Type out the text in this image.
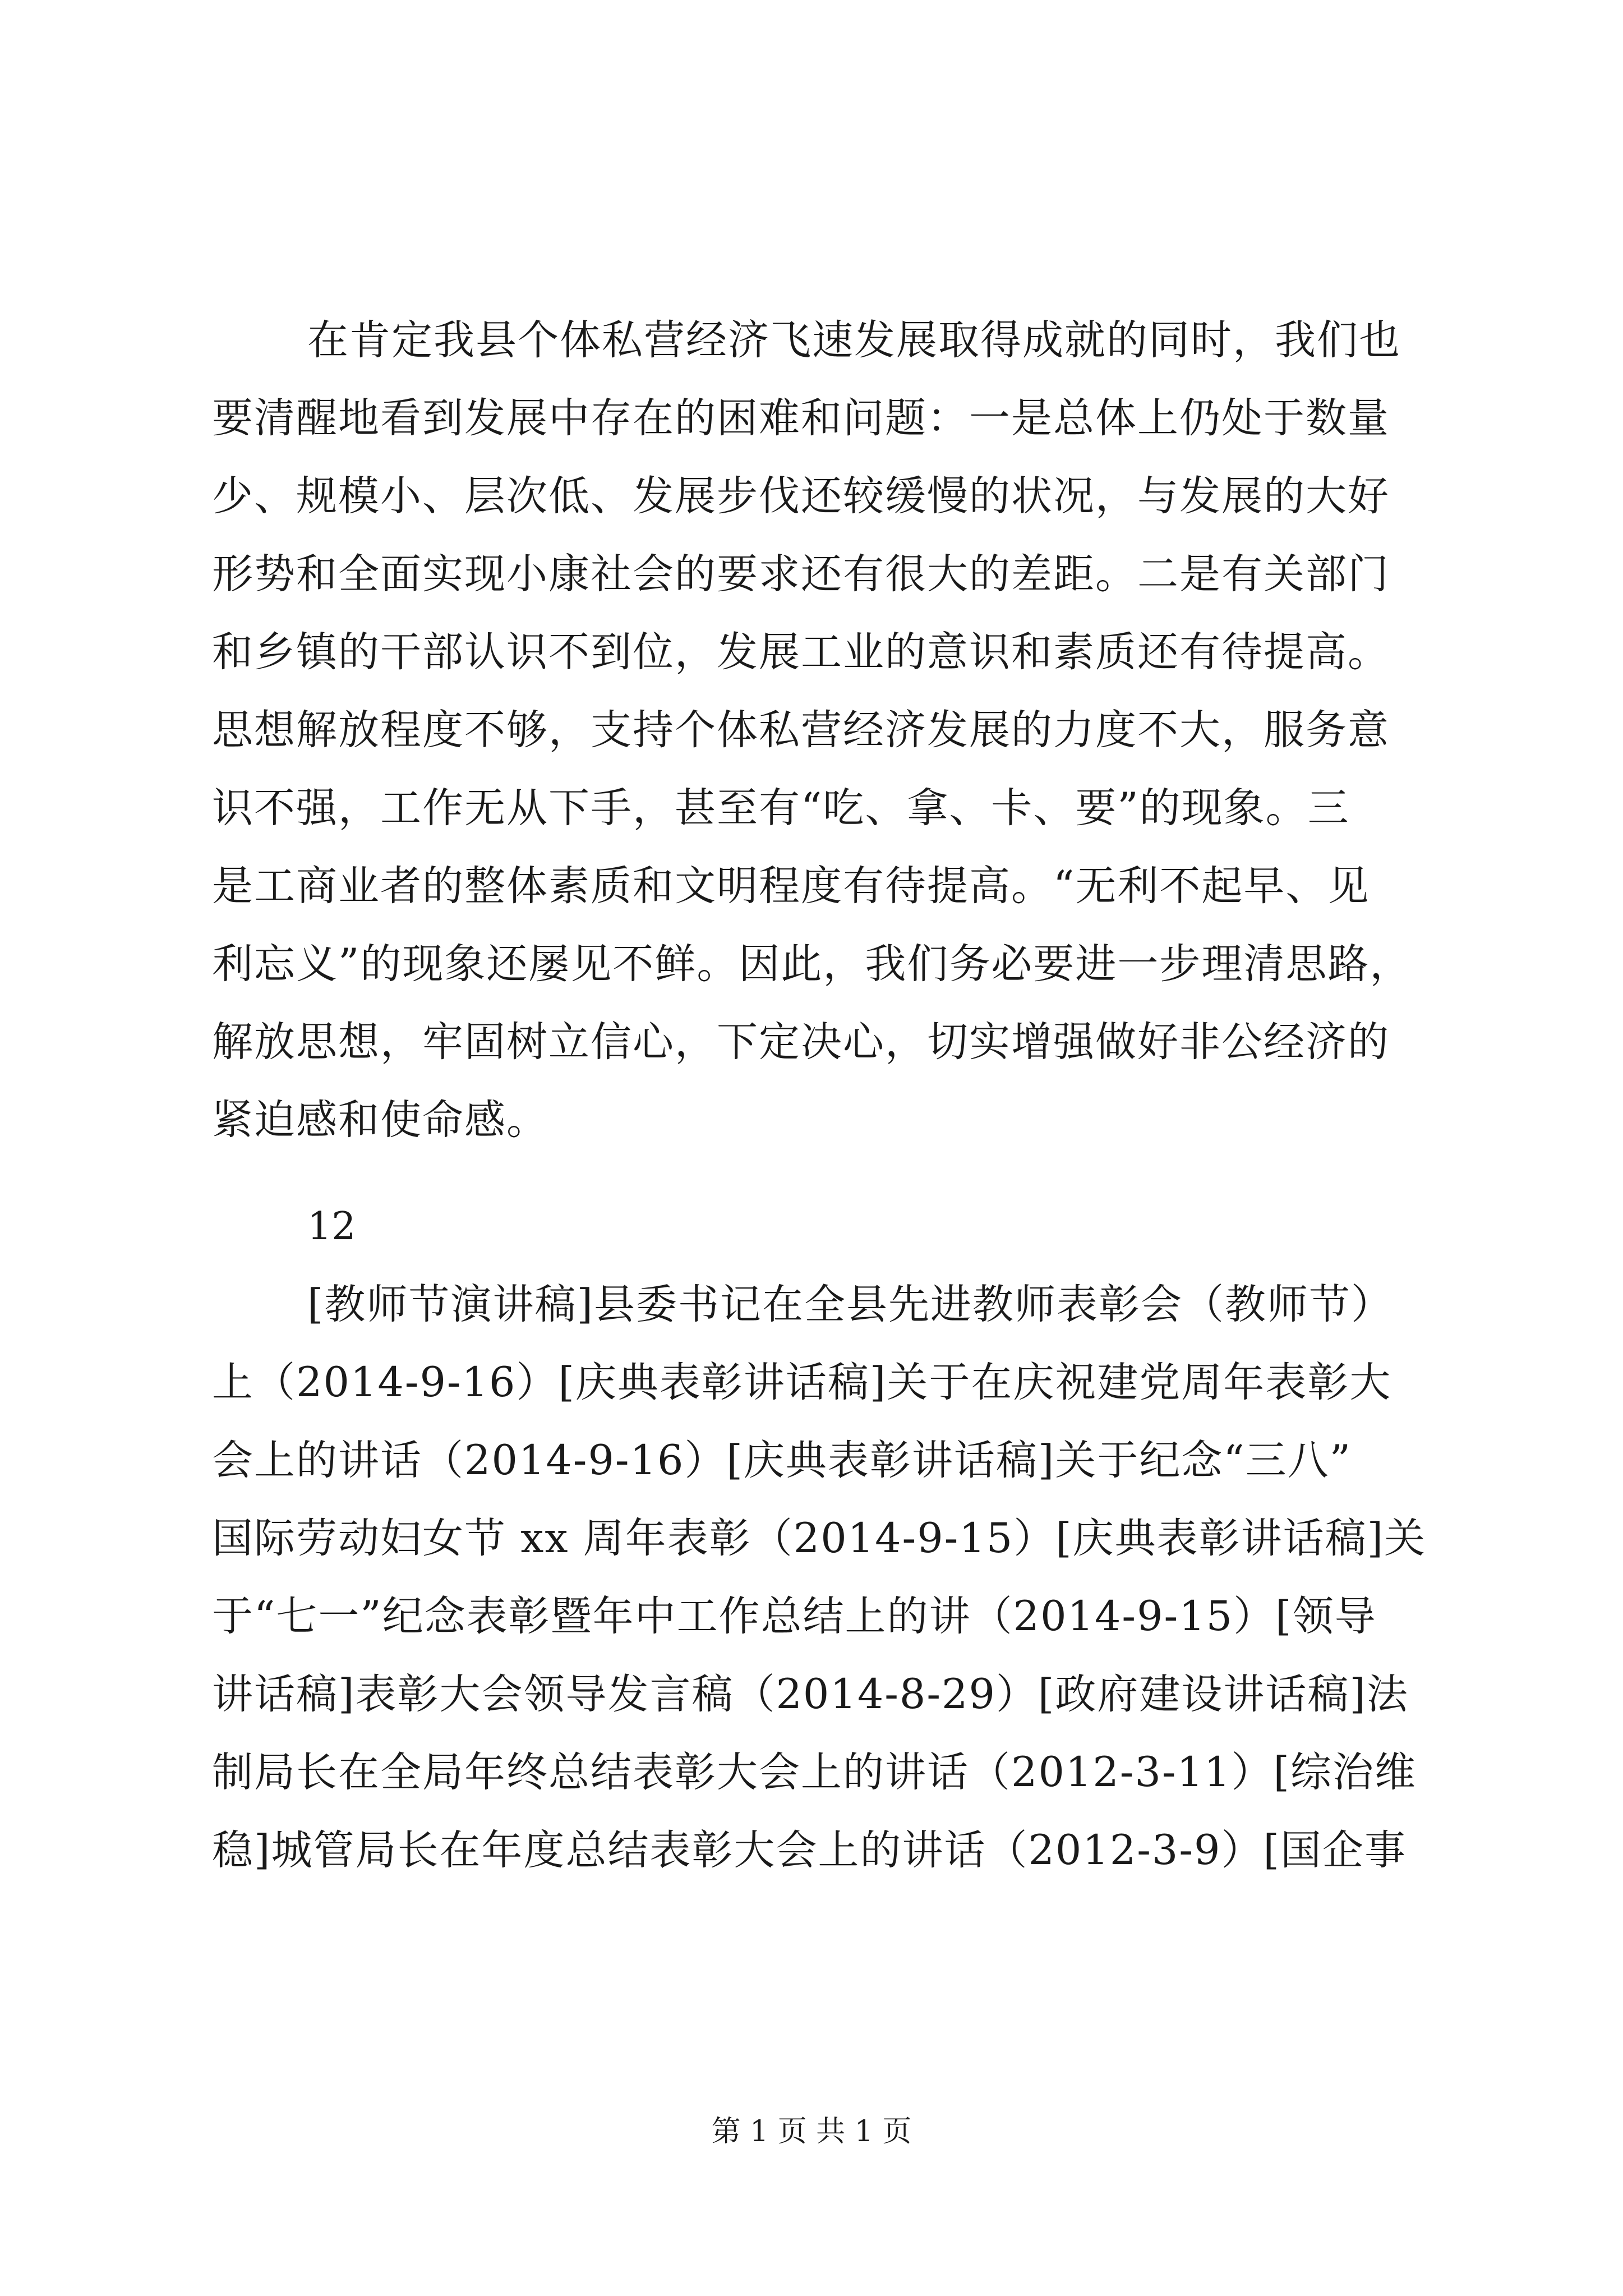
在肯定我县个体私营经济飞速发展取得成就的同时，我们也

要清醒地看到发展中存在的困难和问题：一是总体上仍处于数量

少、规模小、层次低、发展步伐还较缓慢的状况，与发展的大好

形势和全面实现小康社会的要求还有很大的差距。二是有关部门

和乡镇的干部认识不到位，发展工业的意识和素质还有待提高。

思想解放程度不够，支持个体私营经济发展的力度不大，服务意

识不强，工作无从下手，甚至有“吃、拿、卡、要”的现象。三

是工商业者的整体素质和文明程度有待提高。“无利不起早、见

利忘义”的现象还屡见不鲜。因此，我们务必要进一步理清思路，

解放思想，牢固树立信心，下定决心，切实增强做好非公经济的

紧迫感和使命感。

12

[教师节演讲稿]县委书记在全县先进教师表彰会（教师节）

上（2014-9-16）[庆典表彰讲话稿]关于在庆祝建党周年表彰大

会上的讲话（2014-9-16）[庆典表彰讲话稿]关于纪念“三八”

国际劳动妇女节 xx 周年表彰（2014-9-15）[庆典表彰讲话稿]关

于“七一”纪念表彰暨年中工作总结上的讲（2014-9-15）[领导

讲话稿]表彰大会领导发言稿（2014-8-29）[政府建设讲话稿]法

制局长在全局年终总结表彰大会上的讲话（2012-3-11）[综治维

稳]城管局长在年度总结表彰大会上的讲话（2012-3-9）[国企事

第 1 页 共 1 页
